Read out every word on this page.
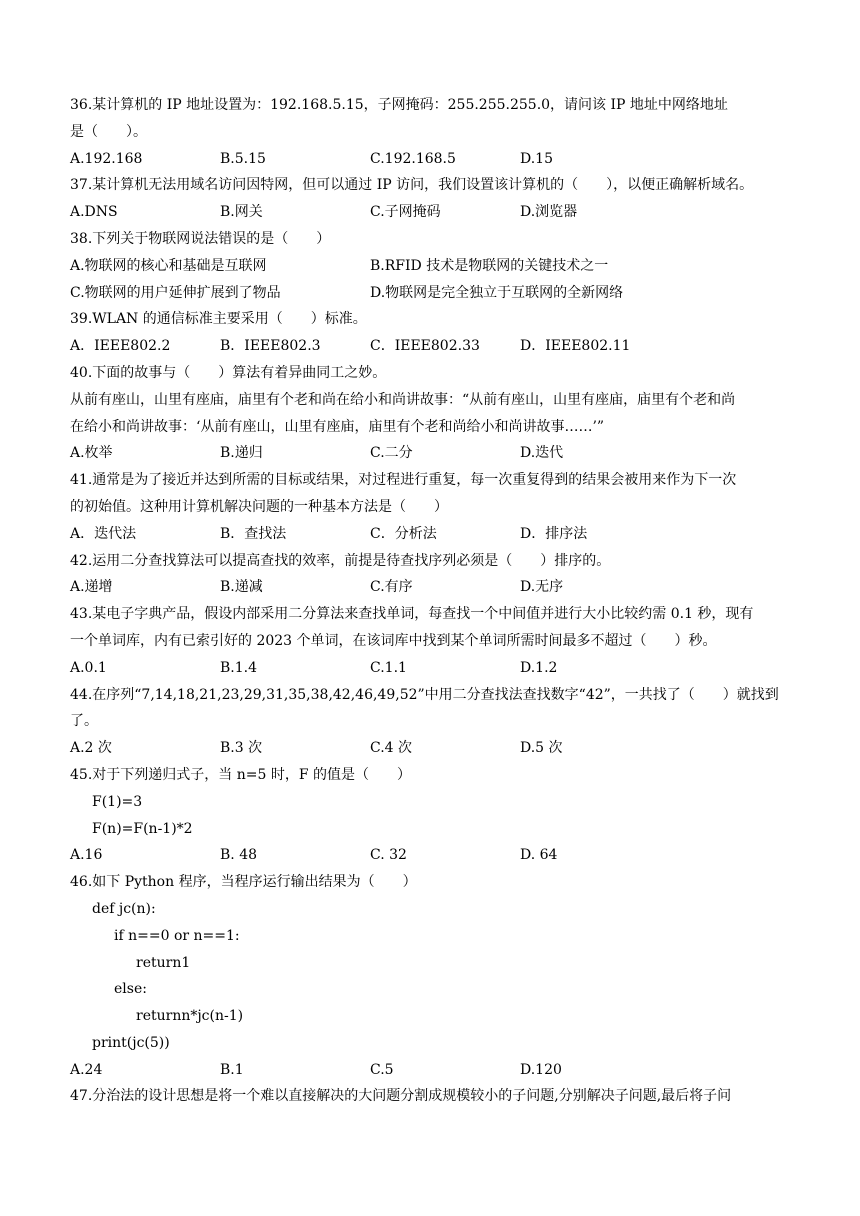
36.某计算机的 IP 地址设置为：192.168.5.15，子网掩码：255.255.255.0，请问该 IP 地址中网络地址
是（　　）。
A.192.168	B.5.15	C.192.168.5	D.15
37.某计算机无法用域名访问因特网，但可以通过 IP 访问，我们设置该计算机的（　　），以便正确解析域名。
A.DNS	B.网关	C.子网掩码	D.浏览器
38.下列关于物联网说法错误的是（　　）
A.物联网的核心和基础是互联网	B.RFID 技术是物联网的关键技术之一
C.物联网的用户延伸扩展到了物品	D.物联网是完全独立于互联网的全新网络
39.WLAN 的通信标准主要采用（　　）标准。
A．IEEE802.2	B．IEEE802.3	C．IEEE802.33	D．IEEE802.11
40.下面的故事与（　　）算法有着异曲同工之妙。
从前有座山，山里有座庙，庙里有个老和尚在给小和尚讲故事：“从前有座山，山里有座庙，庙里有个老和尚
在给小和尚讲故事：‘从前有座山，山里有座庙，庙里有个老和尚给小和尚讲故事……’”
A.枚举	B.递归	C.二分	D.迭代
41.通常是为了接近并达到所需的目标或结果，对过程进行重复，每一次重复得到的结果会被用来作为下一次
的初始值。这种用计算机解决问题的一种基本方法是（　　）
A．迭代法	B．查找法	C．分析法	D．排序法
42.运用二分查找算法可以提高查找的效率，前提是待查找序列必须是（　　）排序的。
A.递增	B.递减	C.有序	D.无序
43.某电子字典产品，假设内部采用二分算法来查找单词，每查找一个中间值并进行大小比较约需 0.1 秒，现有
一个单词库，内有已索引好的 2023 个单词，在该词库中找到某个单词所需时间最多不超过（　　）秒。
A.0.1	B.1.4	C.1.1	D.1.2
44.在序列“7,14,18,21,23,29,31,35,38,42,46,49,52”中用二分查找法查找数字“42”，一共找了（　　）就找到
了。
A.2 次	B.3 次	C.4 次	D.5 次
45.对于下列递归式子，当 n=5 时，F 的值是（　　）
F(1)=3
F(n)=F(n-1)*2
A.16	B. 48	C. 32	D. 64
46.如下 Python 程序，当程序运行输出结果为（　　）
def jc(n):
if n==0 or n==1:
return1
else:
returnn*jc(n-1)
print(jc(5))
A.24	B.1	C.5	D.120
47.分治法的设计思想是将一个难以直接解决的大问题分割成规模较小的子问题,分别解决子问题,最后将子问
